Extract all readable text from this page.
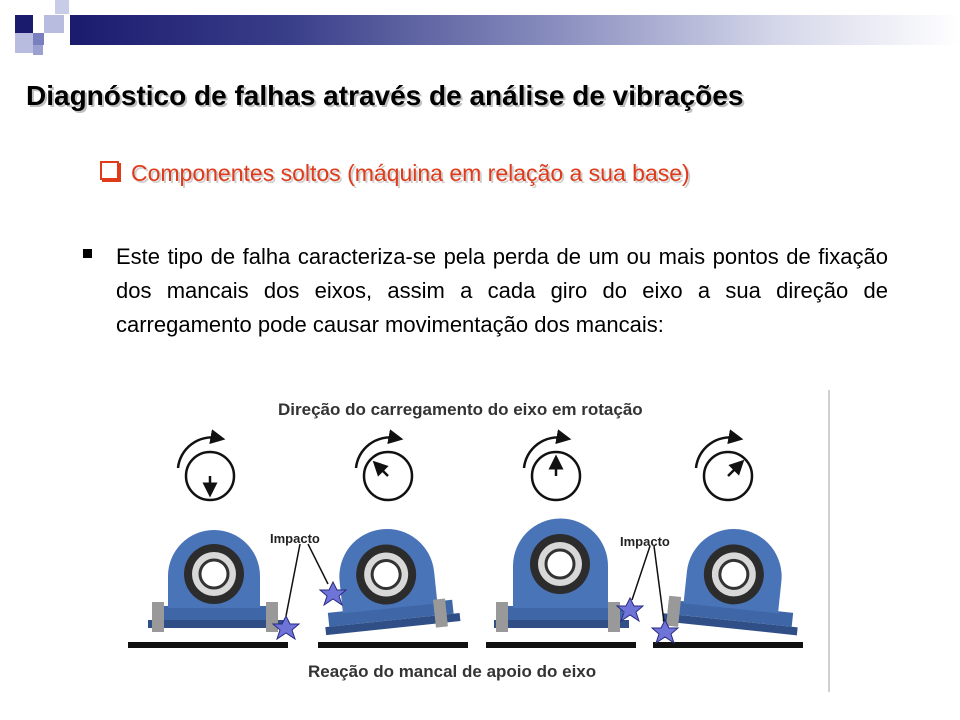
Diagnóstico de falhas através de análise de vibrações
Componentes soltos (máquina em relação a sua base)
Este tipo de falha caracteriza-se pela perda de um ou mais pontos de fixação dos mancais dos eixos, assim a cada giro do eixo a sua direção de carregamento pode causar movimentação dos mancais:
Direção do carregamento do eixo em rotação
Impacto	Impacto
Reação do mancal de apoio do eixo
